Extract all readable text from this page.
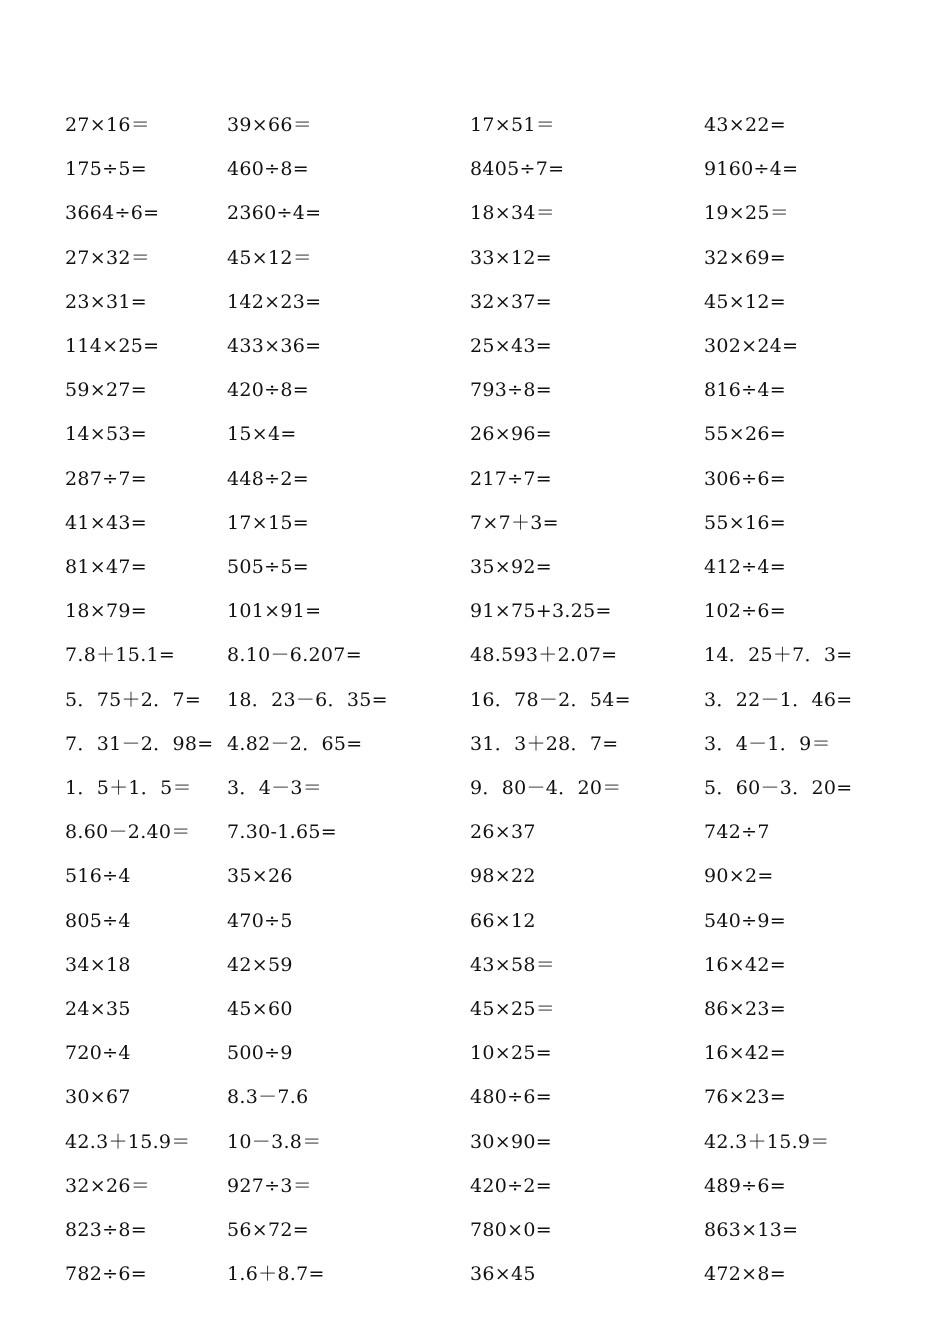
27×16＝	39×66＝	17×51＝	43×22=
175÷5=	460÷8=	8405÷7=	9160÷4=
3664÷6=	2360÷4=	18×34＝	19×25＝
27×32＝	45×12＝	33×12=	32×69=
23×31=	142×23=	32×37=	45×12=
114×25=	433×36=	25×43=	302×24=
59×27=	420÷8=	793÷8=	816÷4=
14×53=	15×4=	26×96=	55×26=
287÷7=	448÷2=	217÷7=	306÷6=
41×43=	17×15=	7×7＋3=	55×16=
81×47=	505÷5=	35×92=	412÷4=
18×79=	101×91=	91×75+3.25=	102÷6=
7.8＋15.1=	8.10－6.207=	48.593＋2.07=	14．25＋7．3=
5．75＋2．7= 18．23－6．35=	16．78－2．54=	3．22－1．46=
7．31－2．98= 4.82－2．65=	31．3＋28．7=	3．4－1．9＝
1．5＋1．5＝ 3．4－3＝	9．80－4．20＝	5．60－3．20=
8.60－2.40＝ 7.30-1.65=	26×37	742÷7
516÷4	35×26	98×22	90×2=
805÷4	470÷5	66×12	540÷9=
34×18	42×59	43×58＝	16×42=
24×35	45×60	45×25＝	86×23=
720÷4	500÷9	10×25=	16×42=
30×67	8.3－7.6	480÷6=	76×23=
42.3＋15.9＝ 10－3.8＝	30×90=	42.3＋15.9＝
32×26＝	927÷3＝	420÷2=	489÷6=
823÷8=	56×72=	780×0=	863×13=
782÷6=	1.6＋8.7=	36×45	472×8=
